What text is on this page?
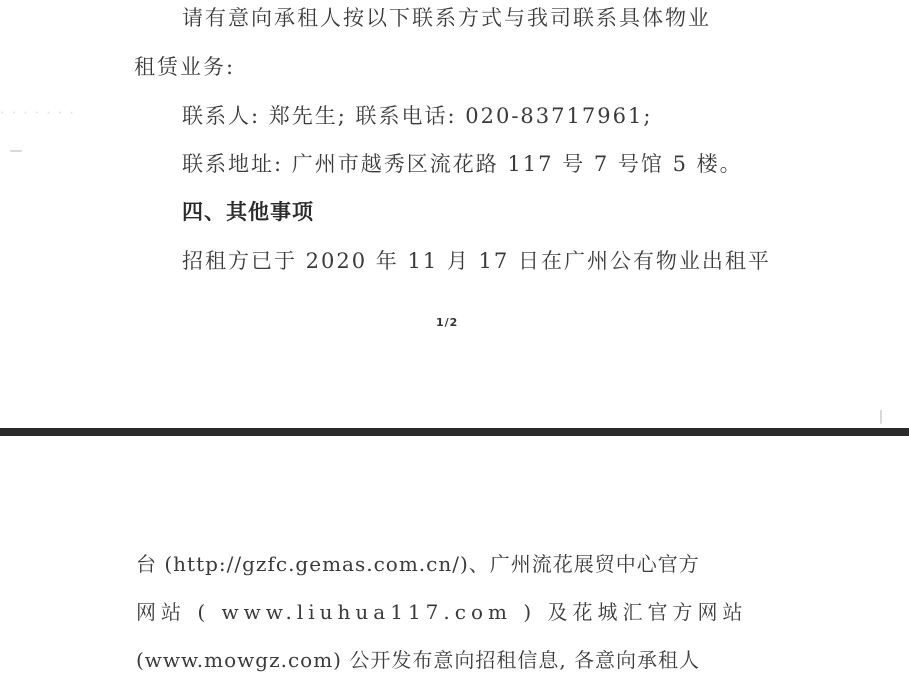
· · · · · · ·
请有意向承租人按以下联系方式与我司联系具体物业
租赁业务:
联系人: 郑先生; 联系电话: 020-83717961;
联系地址: 广州市越秀区流花路 117 号 7 号馆 5 楼。
四、其他事项
招租方已于 2020 年 11 月 17 日在广州公有物业出租平
1/2
台 (http://gzfc.gemas.com.cn/)、广州流花展贸中心官方
网站 ( www.liuhua117.com ) 及花城汇官方网站
(www.mowgz.com) 公开发布意向招租信息, 各意向承租人
